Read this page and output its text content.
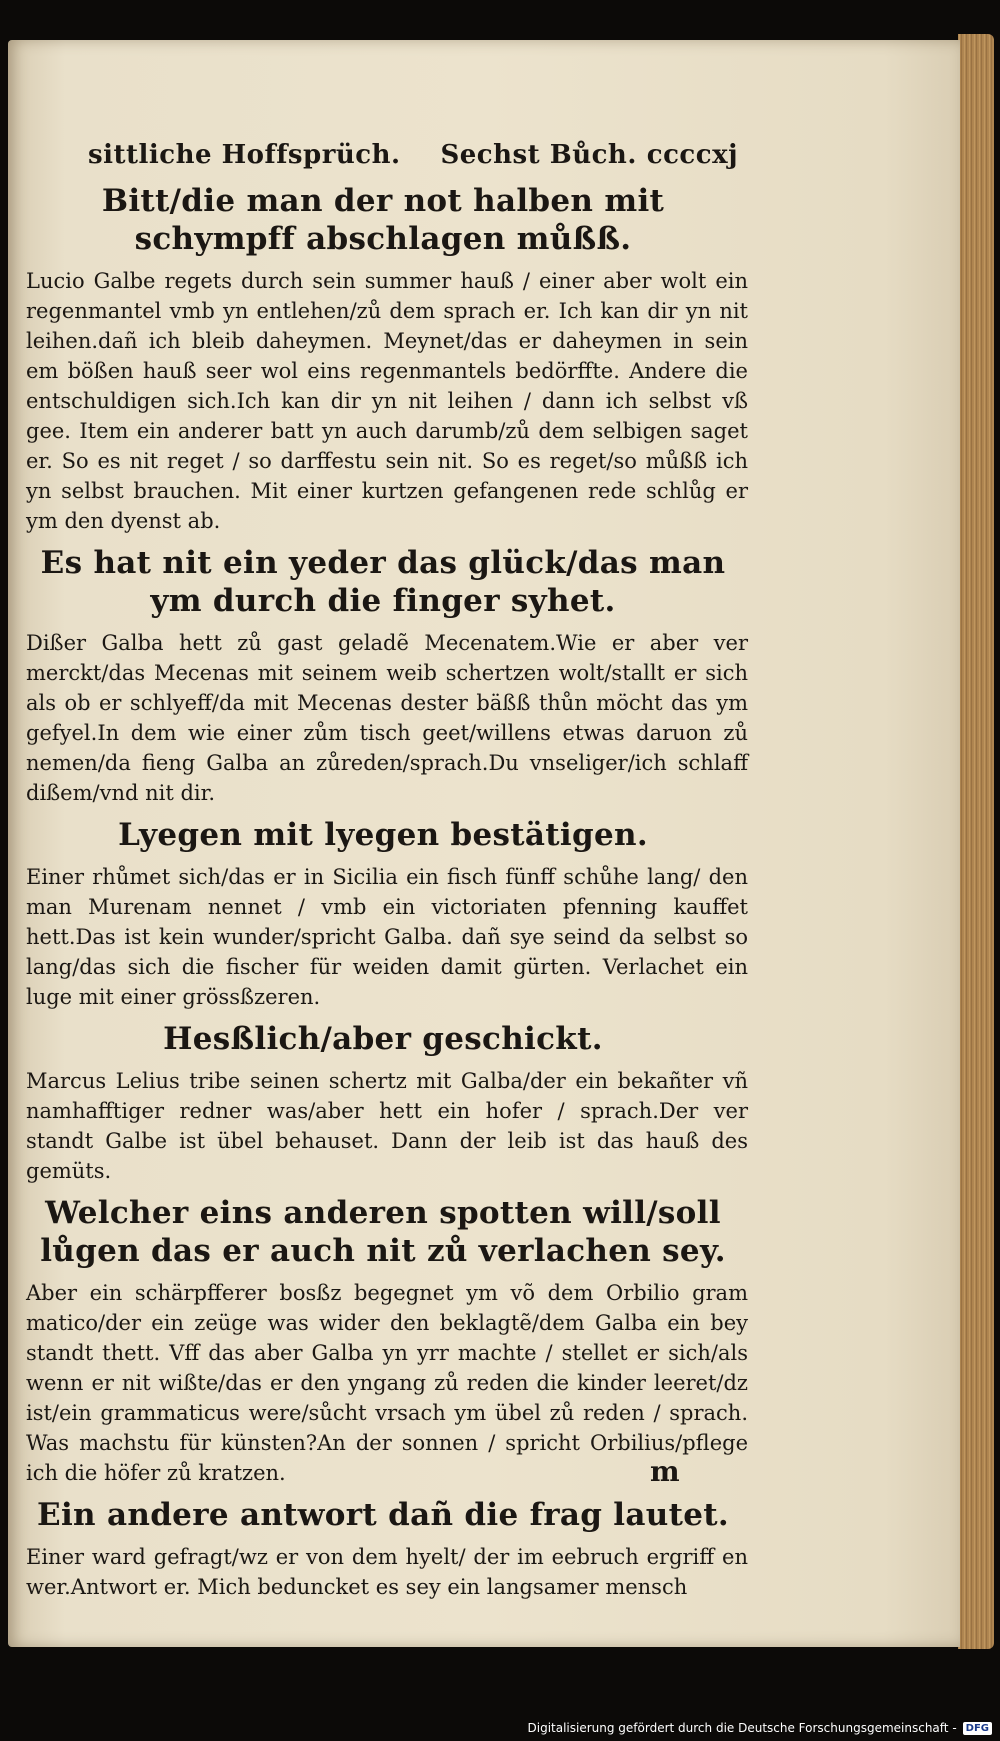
sittliche Hoffsprüch. Sechst Bůch. ccccxj
Bitt/die man der not halben mit schympff abschlagen můßß.

Lucio Galbe regets durch sein summer hauß / einer aber wolt ein regenmantel vmb yn entlehen/zů dem sprach er. Ich kan dir yn nit leihen.dañ ich bleib daheymen. Meynet/das er daheymen in sein em bößen hauß seer wol eins regenmantels bedörffte. Andere die entschuldigen sich.Ich kan dir yn nit leihen / dann ich selbst vß gee. Item ein anderer batt yn auch darumb/zů dem selbigen saget er. So es nit reget / so darffestu sein nit. So es reget/so můßß ich yn selbst brauchen. Mit einer kurtzen gefangenen rede schlůg er ym den dyenst ab.

Es hat nit ein yeder das glück/das man ym durch die finger syhet.

Dißer Galba hett zů gast geladẽ Mecenatem.Wie er aber ver merckt/das Mecenas mit seinem weib schertzen wolt/stallt er sich als ob er schlyeff/da mit Mecenas dester bäßß thůn möcht das ym gefyel.In dem wie einer zům tisch geet/willens etwas daruon zů nemen/da fieng Galba an zůreden/sprach.Du vnseliger/ich schlaff dißem/vnd nit dir.

Lyegen mit lyegen bestätigen.

Einer rhůmet sich/das er in Sicilia ein fisch fünff schůhe lang/ den man Murenam nennet / vmb ein victoriaten pfenning kauffet hett.Das ist kein wunder/spricht Galba. dañ sye seind da selbst so lang/das sich die fischer für weiden damit gürten. Verlachet ein luge mit einer grössßzeren.

Hesßlich/aber geschickt.

Marcus Lelius tribe seinen schertz mit Galba/der ein bekañter vñ namhafftiger redner was/aber hett ein hofer / sprach.Der ver standt Galbe ist übel behauset. Dann der leib ist das hauß des gemüts.

Welcher eins anderen spotten will/soll lůgen das er auch nit zů verlachen sey.

Aber ein schärpfferer bosßz begegnet ym võ dem Orbilio gram matico/der ein zeüge was wider den beklagtẽ/dem Galba ein bey standt thett. Vff das aber Galba yn yrr machte / stellet er sich/als wenn er nit wißte/das er den yngang zů reden die kinder leeret/dz ist/ein grammaticus were/sůcht vrsach ym übel zů reden / sprach. Was machstu für künsten?An der sonnen / spricht Orbilius/pflege ich die höfer zů kratzen.

Ein andere antwort dañ die frag lautet.

Einer ward gefragt/wz er von dem hyelt/ der im eebruch ergriff en wer.Antwort er. Mich beduncket es sey ein langsamer mensch

m
Digitalisierung gefördert durch die Deutsche Forschungsgemeinschaft - DFG
